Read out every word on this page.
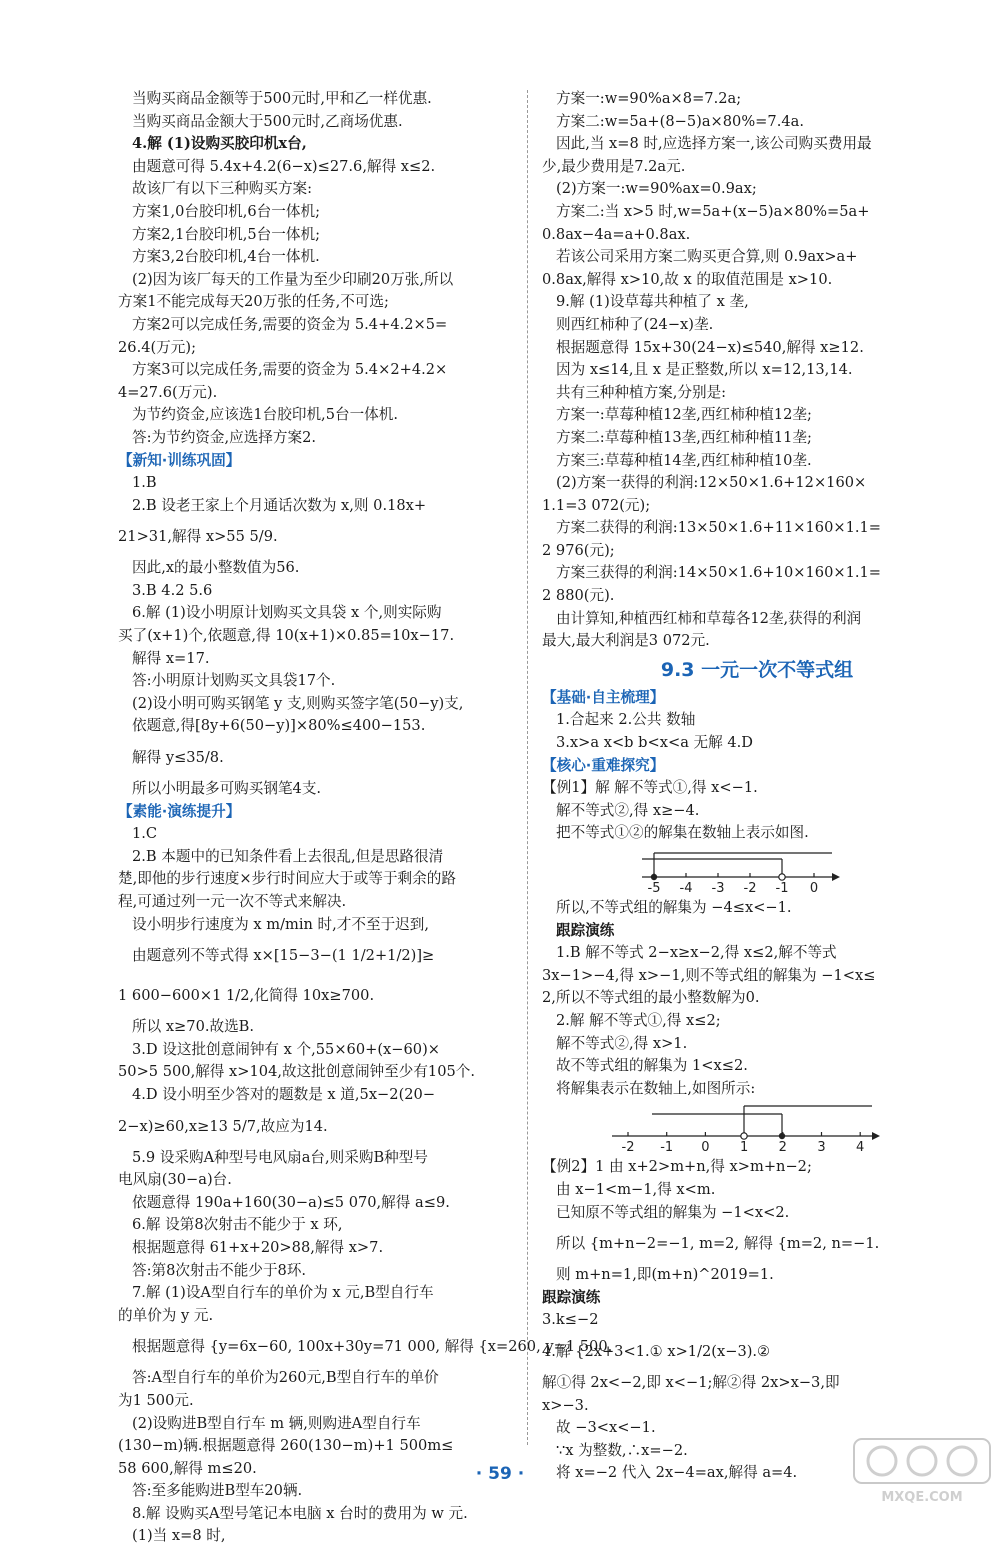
当购买商品金额等于500元时,甲和乙一样优惠.
当购买商品金额大于500元时,乙商场优惠.
4.解 (1)设购买胶印机x台,
由题意可得 5.4x+4.2(6−x)≤27.6,解得 x≤2.
故该厂有以下三种购买方案:
方案1,0台胶印机,6台一体机;
方案2,1台胶印机,5台一体机;
方案3,2台胶印机,4台一体机.
(2)因为该厂每天的工作量为至少印刷20万张,所以
方案1不能完成每天20万张的任务,不可选;
方案2可以完成任务,需要的资金为 5.4+4.2×5=
26.4(万元);
方案3可以完成任务,需要的资金为 5.4×2+4.2×
4=27.6(万元).
为节约资金,应该选1台胶印机,5台一体机.
答:为节约资金,应选择方案2.
【新知·训练巩固】
1.B
2.B 设老王家上个月通话次数为 x,则 0.18x+
21>31,解得 x>55 5/9.
因此,x的最小整数值为56.
3.B 4.2 5.6
6.解 (1)设小明原计划购买文具袋 x 个,则实际购
买了(x+1)个,依题意,得 10(x+1)×0.85=10x−17.
解得 x=17.
答:小明原计划购买文具袋17个.
(2)设小明可购买钢笔 y 支,则购买签字笔(50−y)支,
依题意,得[8y+6(50−y)]×80%≤400−153.
解得 y≤35/8.
所以小明最多可购买钢笔4支.
【素能·演练提升】
1.C
2.B 本题中的已知条件看上去很乱,但是思路很清
楚,即他的步行速度×步行时间应大于或等于剩余的路
程,可通过列一元一次不等式来解决.
设小明步行速度为 x m/min 时,才不至于迟到,
由题意列不等式得 x×[15−3−(1 1/2+1/2)]≥
1 600−600×1 1/2,化简得 10x≥700.
所以 x≥70.故选B.
3.D 设这批创意闹钟有 x 个,55×60+(x−60)×
50>5 500,解得 x>104,故这批创意闹钟至少有105个.
4.D 设小明至少答对的题数是 x 道,5x−2(20−
2−x)≥60,x≥13 5/7,故应为14.
5.9 设采购A种型号电风扇a台,则采购B种型号
电风扇(30−a)台.
依题意得 190a+160(30−a)≤5 070,解得 a≤9.
6.解 设第8次射击不能少于 x 环,
根据题意得 61+x+20>88,解得 x>7.
答:第8次射击不能少于8环.
7.解 (1)设A型自行车的单价为 x 元,B型自行车
的单价为 y 元.
根据题意得 {y=6x−60, 100x+30y=71 000, 解得 {x=260, y=1 500.
答:A型自行车的单价为260元,B型自行车的单价
为1 500元.
(2)设购进B型自行车 m 辆,则购进A型自行车
(130−m)辆.根据题意得 260(130−m)+1 500m≤
58 600,解得 m≤20.
答:至多能购进B型车20辆.
8.解 设购买A型号笔记本电脑 x 台时的费用为 w 元.
(1)当 x=8 时,
方案一:w=90%a×8=7.2a;
方案二:w=5a+(8−5)a×80%=7.4a.
因此,当 x=8 时,应选择方案一,该公司购买费用最
少,最少费用是7.2a元.
(2)方案一:w=90%ax=0.9ax;
方案二:当 x>5 时,w=5a+(x−5)a×80%=5a+
0.8ax−4a=a+0.8ax.
若该公司采用方案二购买更合算,则 0.9ax>a+
0.8ax,解得 x>10,故 x 的取值范围是 x>10.
9.解 (1)设草莓共种植了 x 垄,
则西红柿种了(24−x)垄.
根据题意得 15x+30(24−x)≤540,解得 x≥12.
因为 x≤14,且 x 是正整数,所以 x=12,13,14.
共有三种种植方案,分别是:
方案一:草莓种植12垄,西红柿种植12垄;
方案二:草莓种植13垄,西红柿种植11垄;
方案三:草莓种植14垄,西红柿种植10垄.
(2)方案一获得的利润:12×50×1.6+12×160×
1.1=3 072(元);
方案二获得的利润:13×50×1.6+11×160×1.1=
2 976(元);
方案三获得的利润:14×50×1.6+10×160×1.1=
2 880(元).
由计算知,种植西红柿和草莓各12垄,获得的利润
最大,最大利润是3 072元.
9.3 一元一次不等式组
【基础·自主梳理】
1.合起来 2.公共 数轴
3.x>a x<b b<x<a 无解 4.D
【核心·重难探究】
【例1】解 解不等式①,得 x<−1.
解不等式②,得 x≥−4.
把不等式①②的解集在数轴上表示如图.
-5 -4 -3 -2 -1 0
所以,不等式组的解集为 −4≤x<−1.
跟踪演练
1.B 解不等式 2−x≥x−2,得 x≤2,解不等式
3x−1>−4,得 x>−1,则不等式组的解集为 −1<x≤
2,所以不等式组的最小整数解为0.
2.解 解不等式①,得 x≤2;
解不等式②,得 x>1.
故不等式组的解集为 1<x≤2.
将解集表示在数轴上,如图所示:
-2 -1 0 1 2 3 4
【例2】1 由 x+2>m+n,得 x>m+n−2;
由 x−1<m−1,得 x<m.
已知原不等式组的解集为 −1<x<2.
所以 {m+n−2=−1, m=2, 解得 {m=2, n=−1.
则 m+n=1,即(m+n)^2019=1.
跟踪演练
3.k≤−2
4.解 {2x+3<1.① x>1/2(x−3).②
解①得 2x<−2,即 x<−1;解②得 2x>x−3,即
x>−3.
故 −3<x<−1.
∵x 为整数,∴x=−2.
将 x=−2 代入 2x−4=ax,解得 a=4.
· 59 ·
MXQE.COM
